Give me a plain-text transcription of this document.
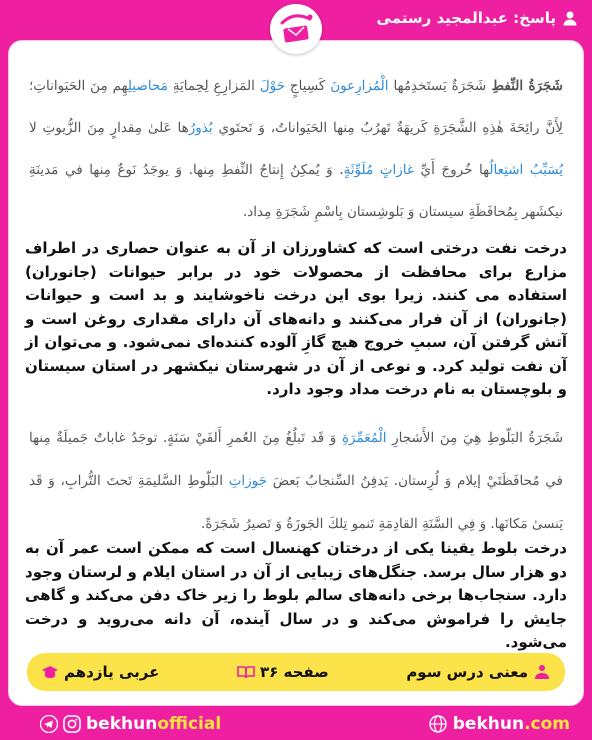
پاسخ: عبدالمجید رستمی

شَجَرَةُ النِّفطِ شَجَرَةٌ يَستَخدِمُها الْمُزارِعونَ كَسِياجٍ حَوْلَ المَزارِعِ لِحِمايَةِ مَحاصيلِهِم مِنَ الحَيَواناتِ؛ لِأَنَّ رائِحَةَ هٰذِهِ الشَّجَرَةِ كَريهَةٌ تَهرُبُ مِنها الحَيَواناتُ، وَ تَحتَوي بُذورُها عَلىٰ مِقدارٍ مِنَ الزُّيوتِ لا يُسَبِّبُ اشتِعالُها خُروجَ أَيِّ غازاتٍ مُلَوِّثَةٍ. وَ يُمكِنُ إِنتاجُ النِّفطِ مِنها. وَ يوجَدُ نَوعٌ مِنها في مَدينَةِ نيكشَهر بِمُحافَظَةِ سيستان وَ بَلوشِستان بِاسْمِ شَجَرَةِ مِداد.

درخت نفت درختی است که کشاورزان از آن به عنوان حصاری در اطراف مزارع برای محافظت از محصولات خود در برابر حیوانات (جانوران) استفاده می کنند. زیرا بوی این درخت ناخوشایند و بد است و حیوانات (جانوران) از آن فرار می‌کنند و دانه‌های آن دارای مقداری روغن است و آتش گرفتن آن، سببِ خروج هیچ گازِ آلوده کننده‌ای نمی‌شود. و می‌توان از آن نفت تولید کرد. و نوعی از آن در شهرستان نیکشهر در استان سیستان و بلوچستان به نام درخت مداد وجود دارد.

شَجَرَةُ البَلّوطِ هِيَ مِنَ الأَشجارِ الْمُعَمِّرَةِ وَ قَد تَبلُغُ مِنَ العُمرِ أَلفَيْ سَنَةٍ. توجَدُ غاباتٌ جَميلَةٌ مِنها في مُحافَظَتَيْ إيلام وَ لُرِستان. يَدفِنُ السِّنجابُ بَعضَ جَوزاتِ البَلّوطِ السَّليمَةِ تَحتَ التُّرابِ، وَ قَد يَنسىٰ مَكانَها. وَ فِي السَّنَةِ القادِمَةِ تَنمو تِلكَ الجَوزَةُ وَ تَصيرُ شَجَرَةً.

درخت بلوط یقینا یکی از درختان کهنسال است که ممکن است عمر آن به دو هزار سال برسد. جنگل‌های زیبایی از آن در استان ایلام و لرستان وجود دارد. سنجاب‌ها برخی دانه‌های سالم بلوط را زیر خاک دفن می‌کند و گاهی جایش را فراموش می‌کند و در سال آینده، آن دانه می‌روید و درخت می‌شود.
معنی درس سوم
صفحه ۳۶
عربی یازدهم
bekhunofficial	bekhun.com
